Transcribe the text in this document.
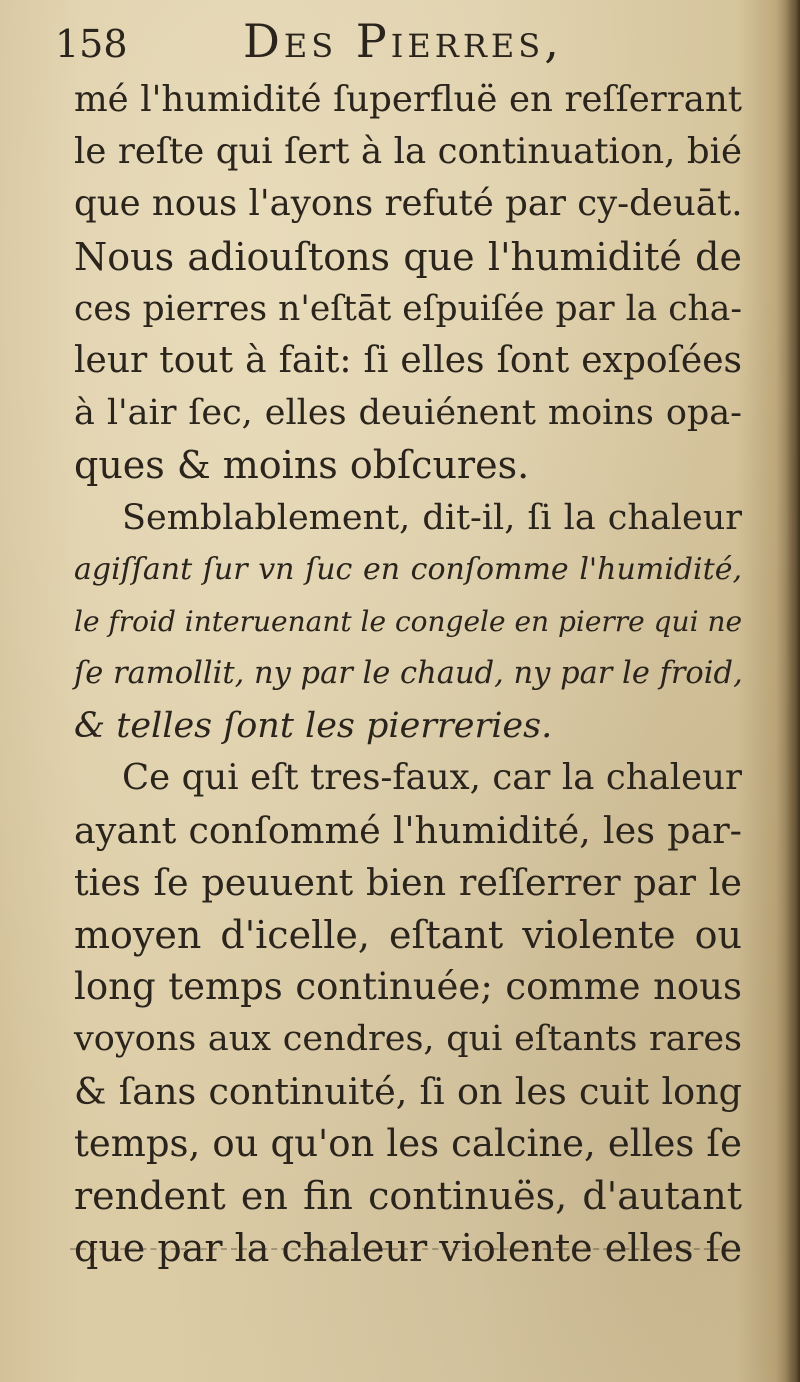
158	Des Pierres,
mé l'humidité ſuperfluë en reſſerrant
le reſte qui ſert à la continuation, bié
que nous l'ayons refuté par cy-deuāt.
Nous adiouſtons que l'humidité de
ces pierres n'eſtāt eſpuiſée par la cha-
leur tout à fait: ſi elles ſont expoſées
à l'air ſec, elles deuiénent moins opa-
ques & moins obſcures.
Semblablement, dit-il, ſi la chaleur
agiſſant ſur vn ſuc en conſomme l'humidité,
le froid interuenant le congele en pierre qui ne
ſe ramollit, ny par le chaud, ny par le froid,
& telles ſont les pierreries.
Ce qui eſt tres-faux, car la chaleur
ayant conſommé l'humidité, les par-
ties ſe peuuent bien reſſerrer par le
moyen d'icelle, eſtant violente ou
long temps continuée; comme nous
voyons aux cendres, qui eſtants rares
& ſans continuité, ſi on les cuit long
temps, ou qu'on les calcine, elles ſe
rendent en fin continuës, d'autant
que par la chaleur violente elles ſe
